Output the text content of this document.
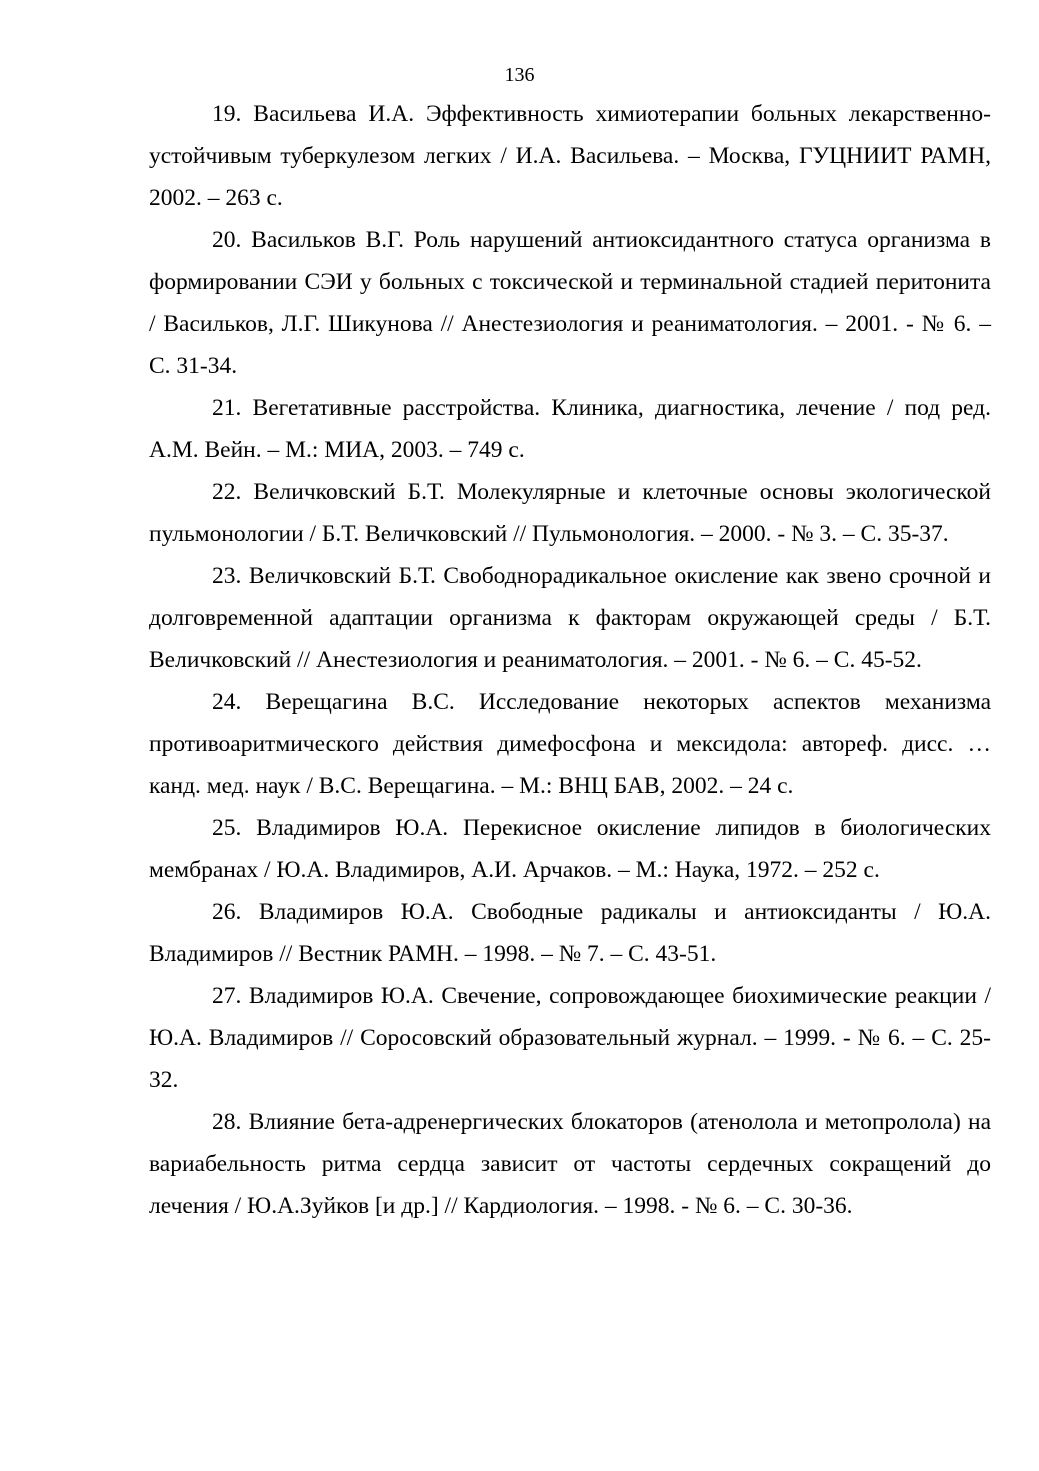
136

19. Васильева И.А. Эффективность химиотерапии больных лекарственно-устойчивым туберкулезом легких / И.А. Васильева. – Москва, ГУЦНИИТ РАМН, 2002. – 263 с.

20. Васильков В.Г. Роль нарушений антиоксидантного статуса организма в формировании СЭИ у больных с токсической и терминальной стадией перитонита / Васильков, Л.Г. Шикунова // Анестезиология и реаниматология. – 2001. - № 6. – С. 31-34.

21. Вегетативные расстройства. Клиника, диагностика, лечение / под ред. А.М. Вейн. – М.: МИА, 2003. – 749 с.

22. Величковский Б.Т. Молекулярные и клеточные основы экологической пульмонологии / Б.Т. Величковский // Пульмонология. – 2000. - № 3. – С. 35-37.

23. Величковский Б.Т. Свободнорадикальное окисление как звено срочной и долговременной адаптации организма к факторам окружающей среды / Б.Т. Величковский // Анестезиология и реаниматология. – 2001. - № 6. – С. 45-52.

24. Верещагина В.С. Исследование некоторых аспектов механизма противоаритмического действия димефосфона и мексидола: автореф. дисс. … канд. мед. наук / В.С. Верещагина. – М.: ВНЦ БАВ, 2002. – 24 с.

25. Владимиров Ю.А. Перекисное окисление липидов в биологических мембранах / Ю.А. Владимиров, А.И. Арчаков. – М.: Наука, 1972. – 252 с.

26. Владимиров Ю.А. Свободные радикалы и антиоксиданты / Ю.А. Владимиров // Вестник РАМН. – 1998. – № 7. – С. 43-51.

27. Владимиров Ю.А. Свечение, сопровождающее биохимические реакции / Ю.А. Владимиров // Соросовский образовательный журнал. – 1999. - № 6. – С. 25-32.

28. Влияние бета-адренергических блокаторов (атенолола и метопролола) на вариабельность ритма сердца зависит от частоты сердечных сокращений до лечения / Ю.А.Зуйков [и др.] // Кардиология. – 1998. - № 6. – С. 30-36.
